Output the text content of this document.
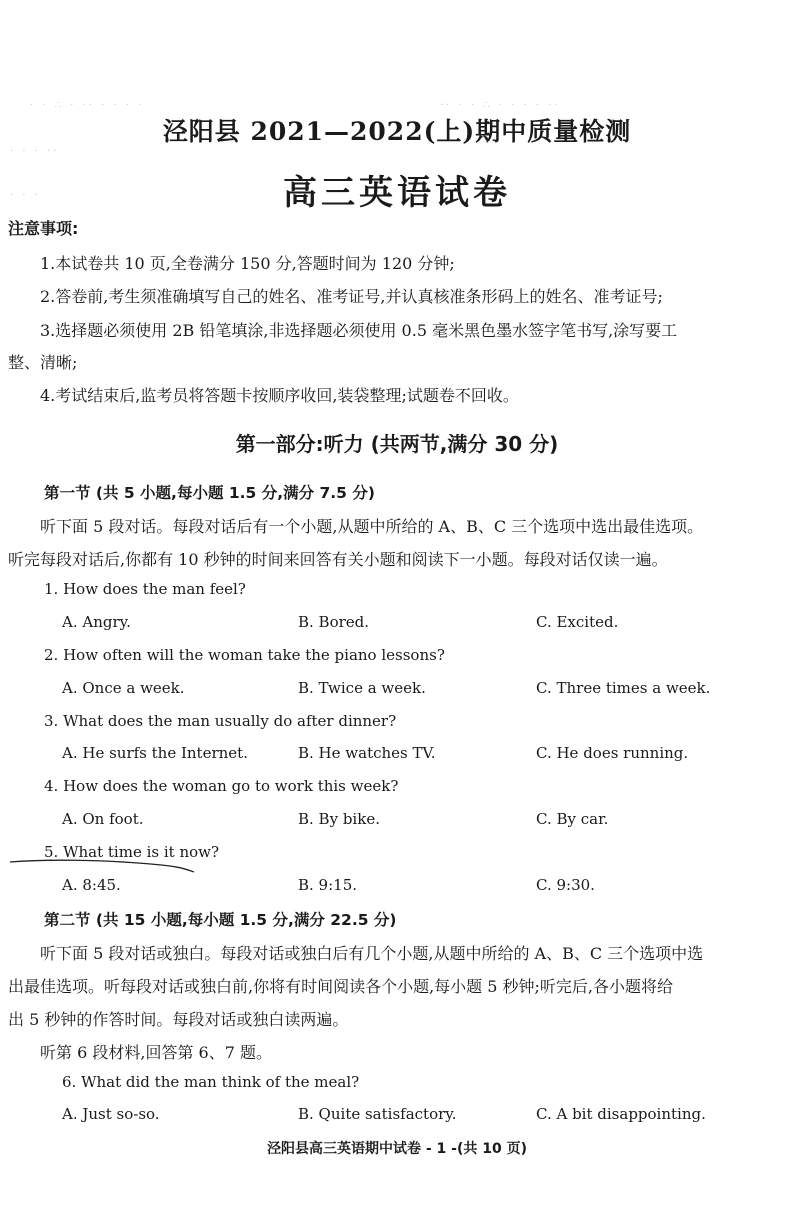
· · ∴ · ·· · · · ·	·· · · ∴ · · · · ··
· · · ··
· · ·
泾阳县 2021—2022(上)期中质量检测
高三英语试卷
注意事项:
1.本试卷共 10 页,全卷满分 150 分,答题时间为 120 分钟;
2.答卷前,考生须准确填写自己的姓名、准考证号,并认真核准条形码上的姓名、准考证号;
3.选择题必须使用 2B 铅笔填涂,非选择题必须使用 0.5 毫米黑色墨水签字笔书写,涂写要工
整、清晰;
4.考试结束后,监考员将答题卡按顺序收回,装袋整理;试题卷不回收。
第一部分:听力 (共两节,满分 30 分)
第一节 (共 5 小题,每小题 1.5 分,满分 7.5 分)
听下面 5 段对话。每段对话后有一个小题,从题中所给的 A、B、C 三个选项中选出最佳选项。
听完每段对话后,你都有 10 秒钟的时间来回答有关小题和阅读下一小题。每段对话仅读一遍。
1. How does the man feel?
A. Angry.	B. Bored.	C. Excited.
2. How often will the woman take the piano lessons?
A. Once a week.	B. Twice a week.	C. Three times a week.
3. What does the man usually do after dinner?
A. He surfs the Internet.	B. He watches TV.	C. He does running.
4. How does the woman go to work this week?
A. On foot.	B. By bike.	C. By car.
5. What time is it now?
A. 8:45.	B. 9:15.	C. 9:30.
第二节 (共 15 小题,每小题 1.5 分,满分 22.5 分)
听下面 5 段对话或独白。每段对话或独白后有几个小题,从题中所给的 A、B、C 三个选项中选
出最佳选项。听每段对话或独白前,你将有时间阅读各个小题,每小题 5 秒钟;听完后,各小题将给
出 5 秒钟的作答时间。每段对话或独白读两遍。
听第 6 段材料,回答第 6、7 题。
6. What did the man think of the meal?
A. Just so-so.	B. Quite satisfactory.	C. A bit disappointing.
泾阳县高三英语期中试卷 - 1 -(共 10 页)
